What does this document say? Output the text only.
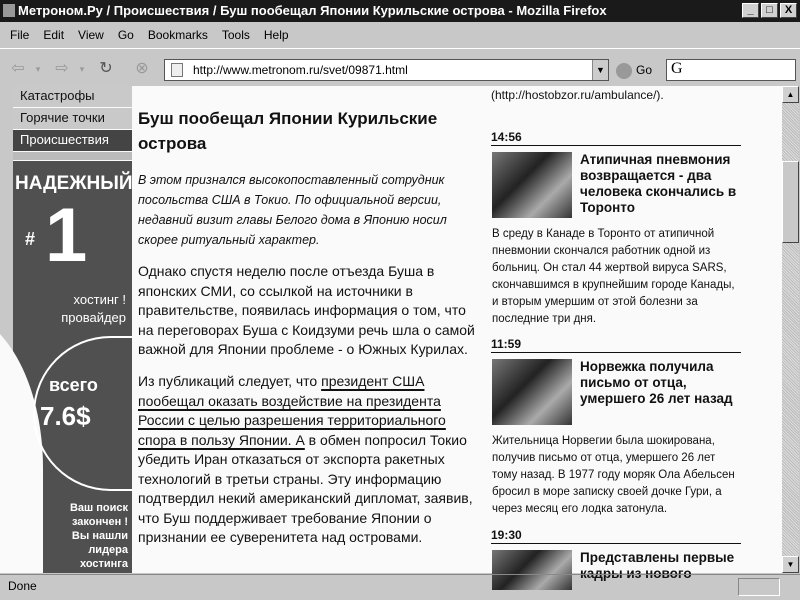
Метроном.Ру / Происшествия / Буш пообещал Японии Курильские острова - Mozilla Firefox	_	□	X
File Edit View Go Bookmarks Tools Help
⇦	▾ ⇨	▾ ↻ ⊗	http://www.metronom.ru/svet/09871.html	▼	Go	G
Катастрофы
Горячие точки
Происшествия
НАДЕЖНЫЙ
# 1
хостинг !
провайдер
всего
7.6$
Ваш поиск
закончен !
Вы нашли
лидера
хостинга
Буш пообещал Японии Курильские острова
В этом признался высокопоставленный сотрудник посольства США в Токио. По официальной версии, недавний визит главы Белого дома в Японию носил скорее ритуальный характер.
Однако спустя неделю после отъезда Буша в японских СМИ, со ссылкой на источники в правительстве, появилась информация о том, что на переговорах Буша с Коидзуми речь шла о самой важной для Японии проблеме - о Южных Курилах.
Из публикаций следует, что президент США пообещал оказать воздействие на президента России с целью разрешения территориального спора в пользу Японии. А в обмен попросил Токио убедить Иран отказаться от экспорта ракетных технологий в третьи страны. Эту информацию подтвердил некий американский дипломат, заявив, что Буш поддерживает требование Японии о признании ее суверенитета над островами.
(http://hostobzor.ru/ambulance/).
14:56
Атипичная пневмония возвращается - два человека скончались в Торонто
В среду в Канаде в Торонто от атипичной пневмонии скончался работник одной из больниц. Он стал 44 жертвой вируса SARS, скончавшимся в крупнейшим городе Канады, и вторым умершим от этой болезни за последние три дня.
11:59
Норвежка получила письмо от отца, умершего 26 лет назад
Жительница Норвегии была шокирована, получив письмо от отца, умершего 26 лет тому назад. В 1977 году моряк Ола Абельсен бросил в море записку своей дочке Гури, а через месяц его лодка затонула.
19:30
Представлены первые кадры из нового
▲
▼
Done
